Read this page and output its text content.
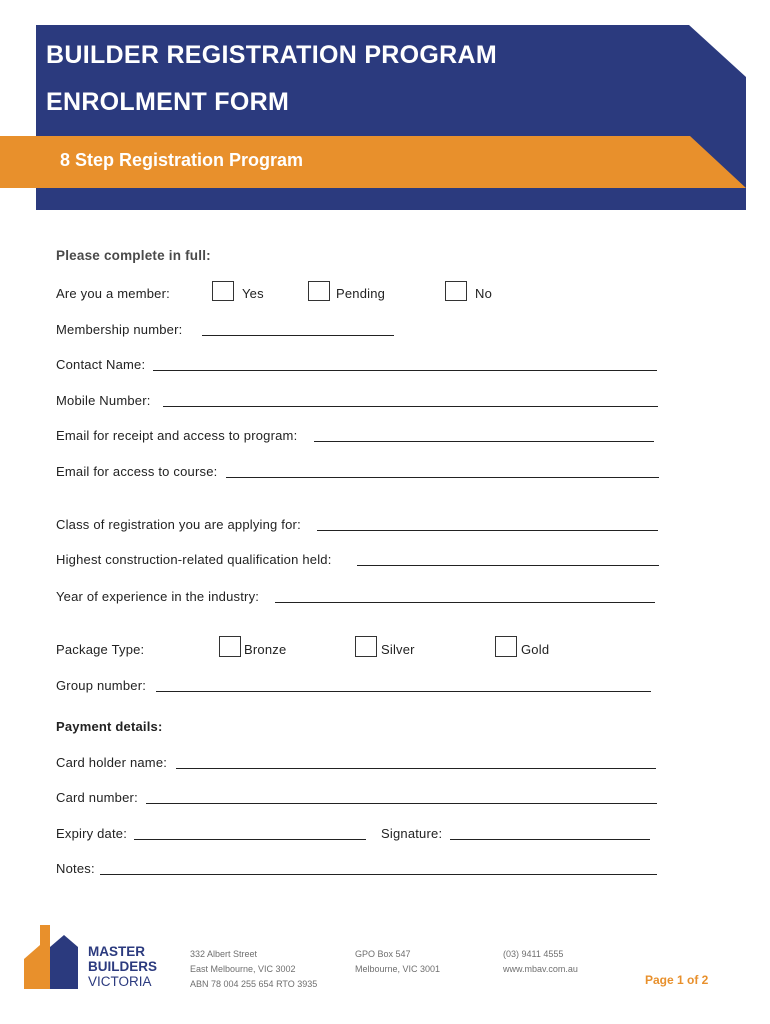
BUILDER REGISTRATION PROGRAM
ENROLMENT FORM
8 Step Registration Program
Please complete in full:
Are you a member:	Yes	Pending	No
Membership number:
Contact Name:
Mobile Number:
Email for receipt and access to program:
Email for access to course:
Class of registration you are applying for:
Highest construction-related qualification held:
Year of experience in the industry:
Package Type:	Bronze	Silver	Gold
Group number:
Payment details:
Card holder name:
Card number:
Expiry date:	Signature:
Notes:
MASTER
BUILDERS
VICTORIA
332 Albert Street
East Melbourne, VIC 3002
ABN 78 004 255 654 RTO 3935
GPO Box 547
Melbourne, VIC 3001
(03) 9411 4555
www.mbav.com.au
Page 1 of 2
